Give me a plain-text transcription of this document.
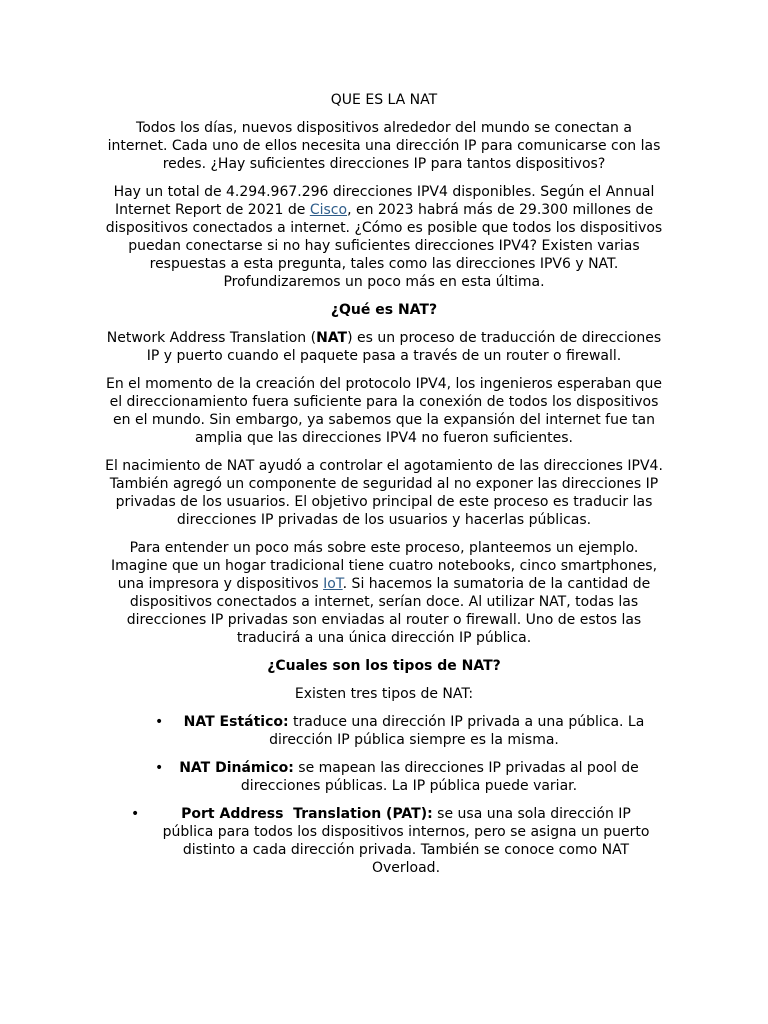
QUE ES LA NAT

Todos los días, nuevos dispositivos alrededor del mundo se conectan a internet. Cada uno de ellos necesita una dirección IP para comunicarse con las redes. ¿Hay suficientes direcciones IP para tantos dispositivos?

Hay un total de 4.294.967.296 direcciones IPV4 disponibles. Según el Annual Internet Report de 2021 de Cisco, en 2023 habrá más de 29.300 millones de dispositivos conectados a internet. ¿Cómo es posible que todos los dispositivos puedan conectarse si no hay suficientes direcciones IPV4? Existen varias respuestas a esta pregunta, tales como las direcciones IPV6 y NAT. Profundizaremos un poco más en esta última.

¿Qué es NAT?

Network Address Translation (NAT) es un proceso de traducción de direcciones IP y puerto cuando el paquete pasa a través de un router o firewall.

En el momento de la creación del protocolo IPV4, los ingenieros esperaban que el direccionamiento fuera suficiente para la conexión de todos los dispositivos en el mundo. Sin embargo, ya sabemos que la expansión del internet fue tan amplia que las direcciones IPV4 no fueron suficientes.

El nacimiento de NAT ayudó a controlar el agotamiento de las direcciones IPV4. También agregó un componente de seguridad al no exponer las direcciones IP privadas de los usuarios. El objetivo principal de este proceso es traducir las direcciones IP privadas de los usuarios y hacerlas públicas.

Para entender un poco más sobre este proceso, planteemos un ejemplo. Imagine que un hogar tradicional tiene cuatro notebooks, cinco smartphones, una impresora y dispositivos IoT. Si hacemos la sumatoria de la cantidad de dispositivos conectados a internet, serían doce. Al utilizar NAT, todas las direcciones IP privadas son enviadas al router o firewall. Uno de estos las traducirá a una única dirección IP pública.

¿Cuales son los tipos de NAT?

Existen tres tipos de NAT:

•	NAT Estático: traduce una dirección IP privada a una pública. La dirección IP pública siempre es la misma.
•	NAT Dinámico: se mapean las direcciones IP privadas al pool de direcciones públicas. La IP pública puede variar.
•	Port Address  Translation (PAT): se usa una sola dirección IP pública para todos los dispositivos internos, pero se asigna un puerto distinto a cada dirección privada. También se conoce como NAT Overload.
